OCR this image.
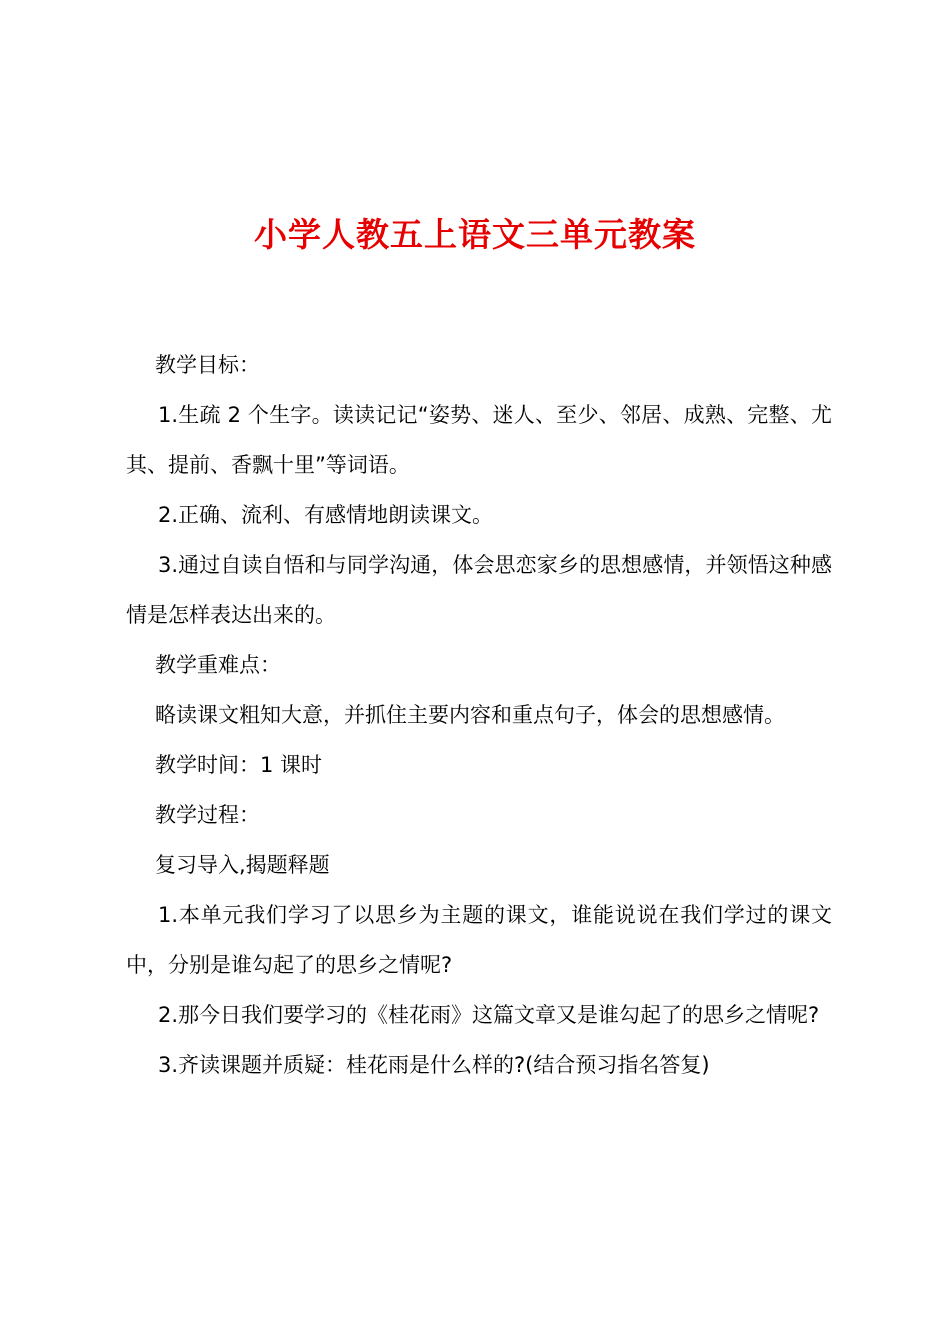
小学人教五上语文三单元教案

教学目标：

1.生疏 2 个生字。读读记记“姿势、迷人、至少、邻居、成熟、完整、尤其、提前、香飘十里”等词语。

2.正确、流利、有感情地朗读课文。

3.通过自读自悟和与同学沟通，体会思恋家乡的思想感情，并领悟这种感情是怎样表达出来的。

教学重难点：

略读课文粗知大意，并抓住主要内容和重点句子，体会的思想感情。

教学时间：1 课时

教学过程：

复习导入,揭题释题

1.本单元我们学习了以思乡为主题的课文，谁能说说在我们学过的课文中，分别是谁勾起了的思乡之情呢?

2.那今日我们要学习的《桂花雨》这篇文章又是谁勾起了的思乡之情呢?

3.齐读课题并质疑：桂花雨是什么样的?(结合预习指名答复)
